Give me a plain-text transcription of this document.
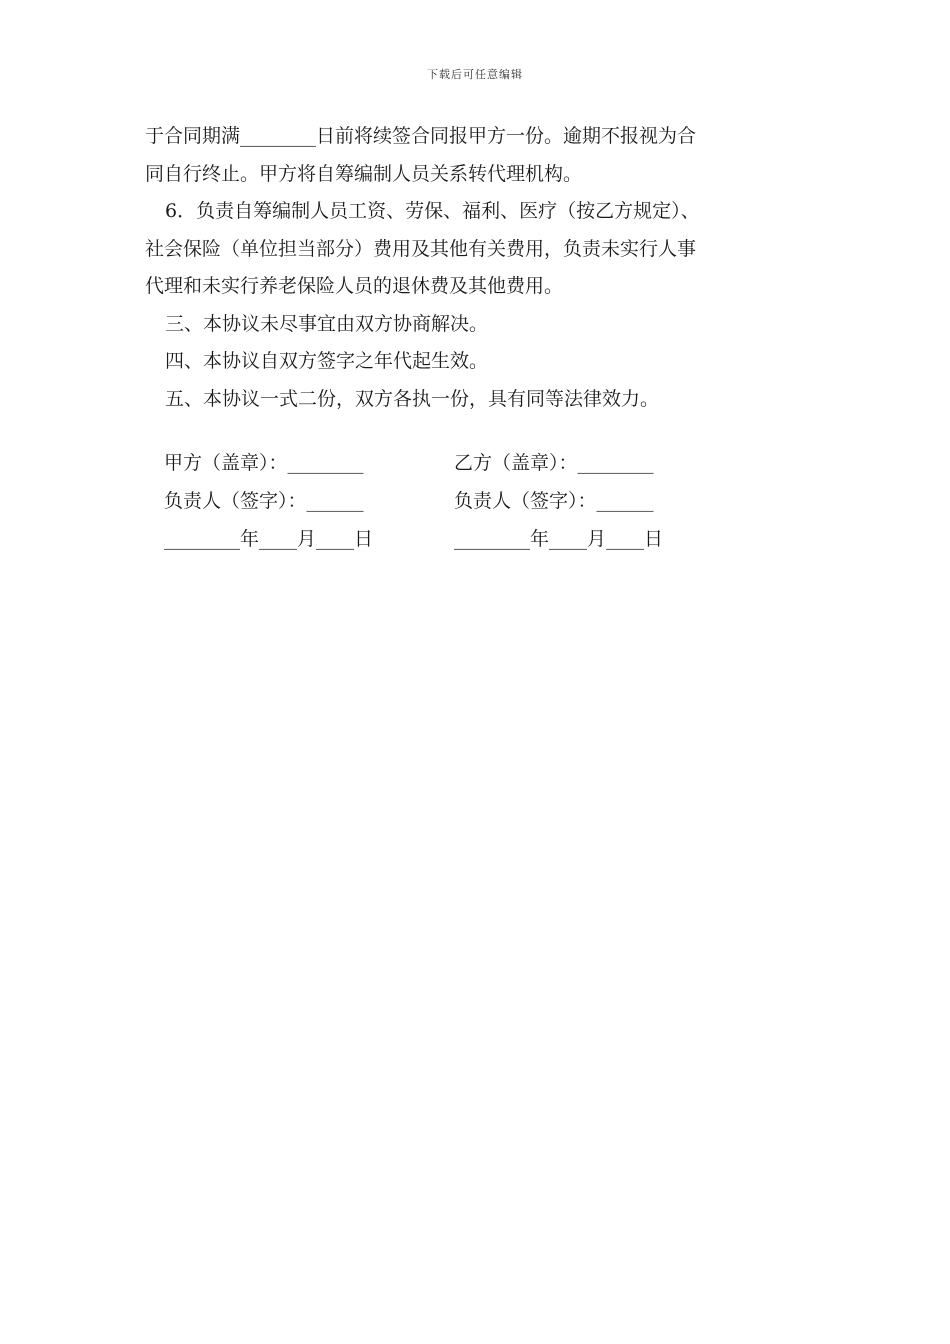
下载后可任意编辑
于合同期满________日前将续签合同报甲方一份。逾期不报视为合
同自行终止。甲方将自筹编制人员关系转代理机构。
6．负责自筹编制人员工资、劳保、福利、医疗（按乙方规定）、
社会保险（单位担当部分）费用及其他有关费用，负责未实行人事
代理和未实行养老保险人员的退休费及其他费用。
三、本协议未尽事宜由双方协商解决。
四、本协议自双方签字之年代起生效。
五、本协议一式二份，双方各执一份，具有同等法律效力。
甲方（盖章）：________	乙方（盖章）：________
负责人（签字）：______	负责人（签字）：______
________年____月____日	________年____月____日
